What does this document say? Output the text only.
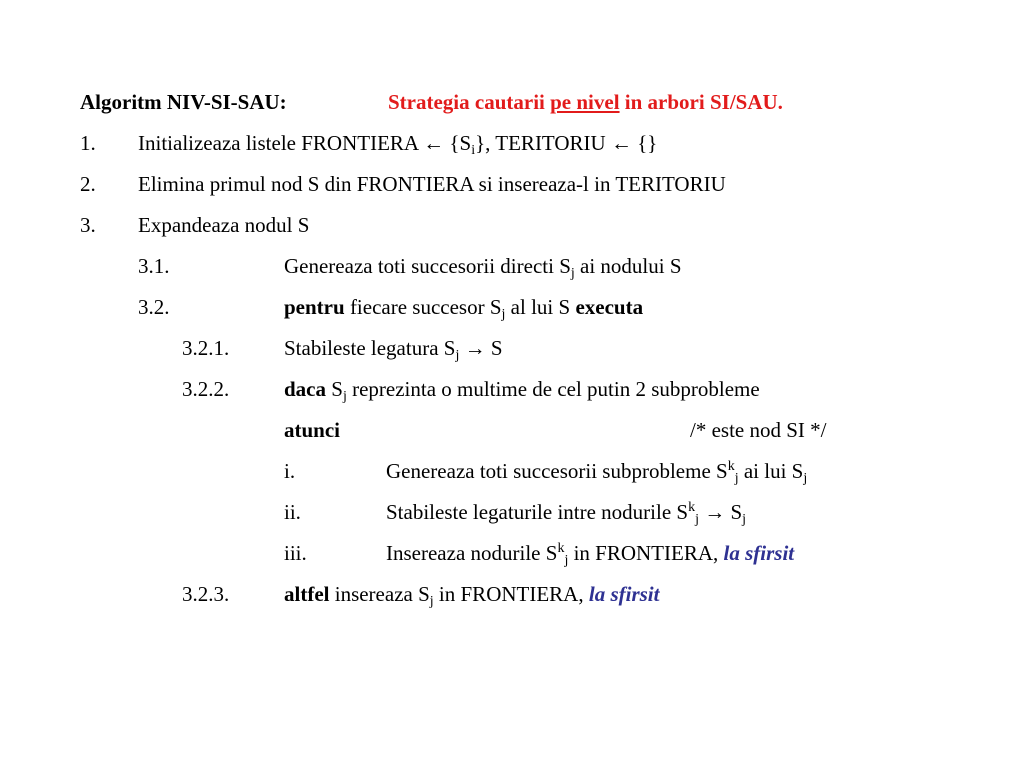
Algoritm NIV-SI-SAU:	Strategia cautarii pe nivel in arbori SI/SAU.
1. Initializeaza listele FRONTIERA ← $\{S_i\}$, TERITORIU ← {}
2. Elimina primul nod S din FRONTIERA si insereaza-l in TERITORIU
3. Expandeaza nodul S
3.1.	Genereaza toti succesorii directi $S_j$ ai nodului S
3.2.	pentru fiecare succesor $S_j$ al lui S executa
3.2.1.	Stabileste legatura $S_j \to S$
3.2.2.	daca $S_j$ reprezinta o multime de cel putin 2 subprobleme
atunci	/* este nod SI */
i.	Genereaza toti succesorii subprobleme $S^k_j$ ai lui $S_j$
ii.	Stabileste legaturile intre nodurile $S^k_j \to S_j$
iii.	Insereaza nodurile $S^k_j$ in FRONTIERA, la sfirsit
3.2.3.	altfel insereaza $S_j$ in FRONTIERA, la sfirsit
